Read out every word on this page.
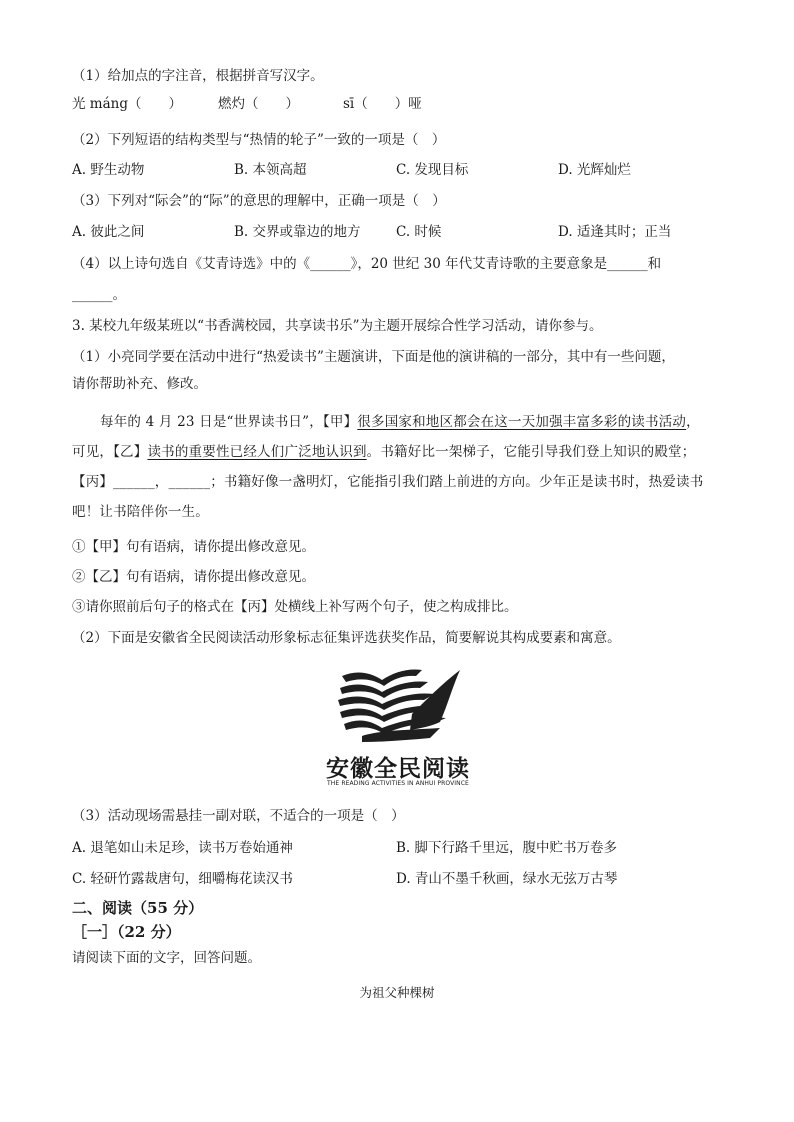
（1）给加点的字注音，根据拼音写汉字。
光 máng（　　）	燃灼（　　）	sī（　　）哑
（2）下列短语的结构类型与“热情的轮子”一致的一项是（　）
A. 野生动物	B. 本领高超	C. 发现目标	D. 光辉灿烂
（3）下列对“际会”的“际”的意思的理解中，正确一项是（　）
A. 彼此之间	B. 交界或靠边的地方	C. 时候	D. 适逢其时；正当
（4）以上诗句选自《艾青诗选》中的《______》，20 世纪 30 年代艾青诗歌的主要意象是______和
______。
3. 某校九年级某班以“书香满校园，共享读书乐”为主题开展综合性学习活动，请你参与。
（1）小亮同学要在活动中进行“热爱读书”主题演讲，下面是他的演讲稿的一部分，其中有一些问题，
请你帮助补充、修改。
每年的 4 月 23 日是“世界读书日”，【甲】很多国家和地区都会在这一天加强丰富多彩的读书活动，
可见，【乙】读书的重要性已经人们广泛地认识到。书籍好比一架梯子，它能引导我们登上知识的殿堂；
【丙】______，______；书籍好像一盏明灯，它能指引我们踏上前进的方向。少年正是读书时，热爱读书
吧！让书陪伴你一生。
①【甲】句有语病，请你提出修改意见。
②【乙】句有语病，请你提出修改意见。
③请你照前后句子的格式在【丙】处横线上补写两个句子，使之构成排比。
（2）下面是安徽省全民阅读活动形象标志征集评选获奖作品，简要解说其构成要素和寓意。
安徽全民阅读
THE READING ACTIVITIES IN ANHUI PROVINCE
（3）活动现场需悬挂一副对联，不适合的一项是（　）
A. 退笔如山未足珍，读书万卷始通神	B. 脚下行路千里远，腹中贮书万卷多
C. 轻研竹露裁唐句，细嚼梅花读汉书	D. 青山不墨千秋画，绿水无弦万古琴
二、阅读（55 分）
［一］（22 分）
请阅读下面的文字，回答问题。
为祖父种棵树
